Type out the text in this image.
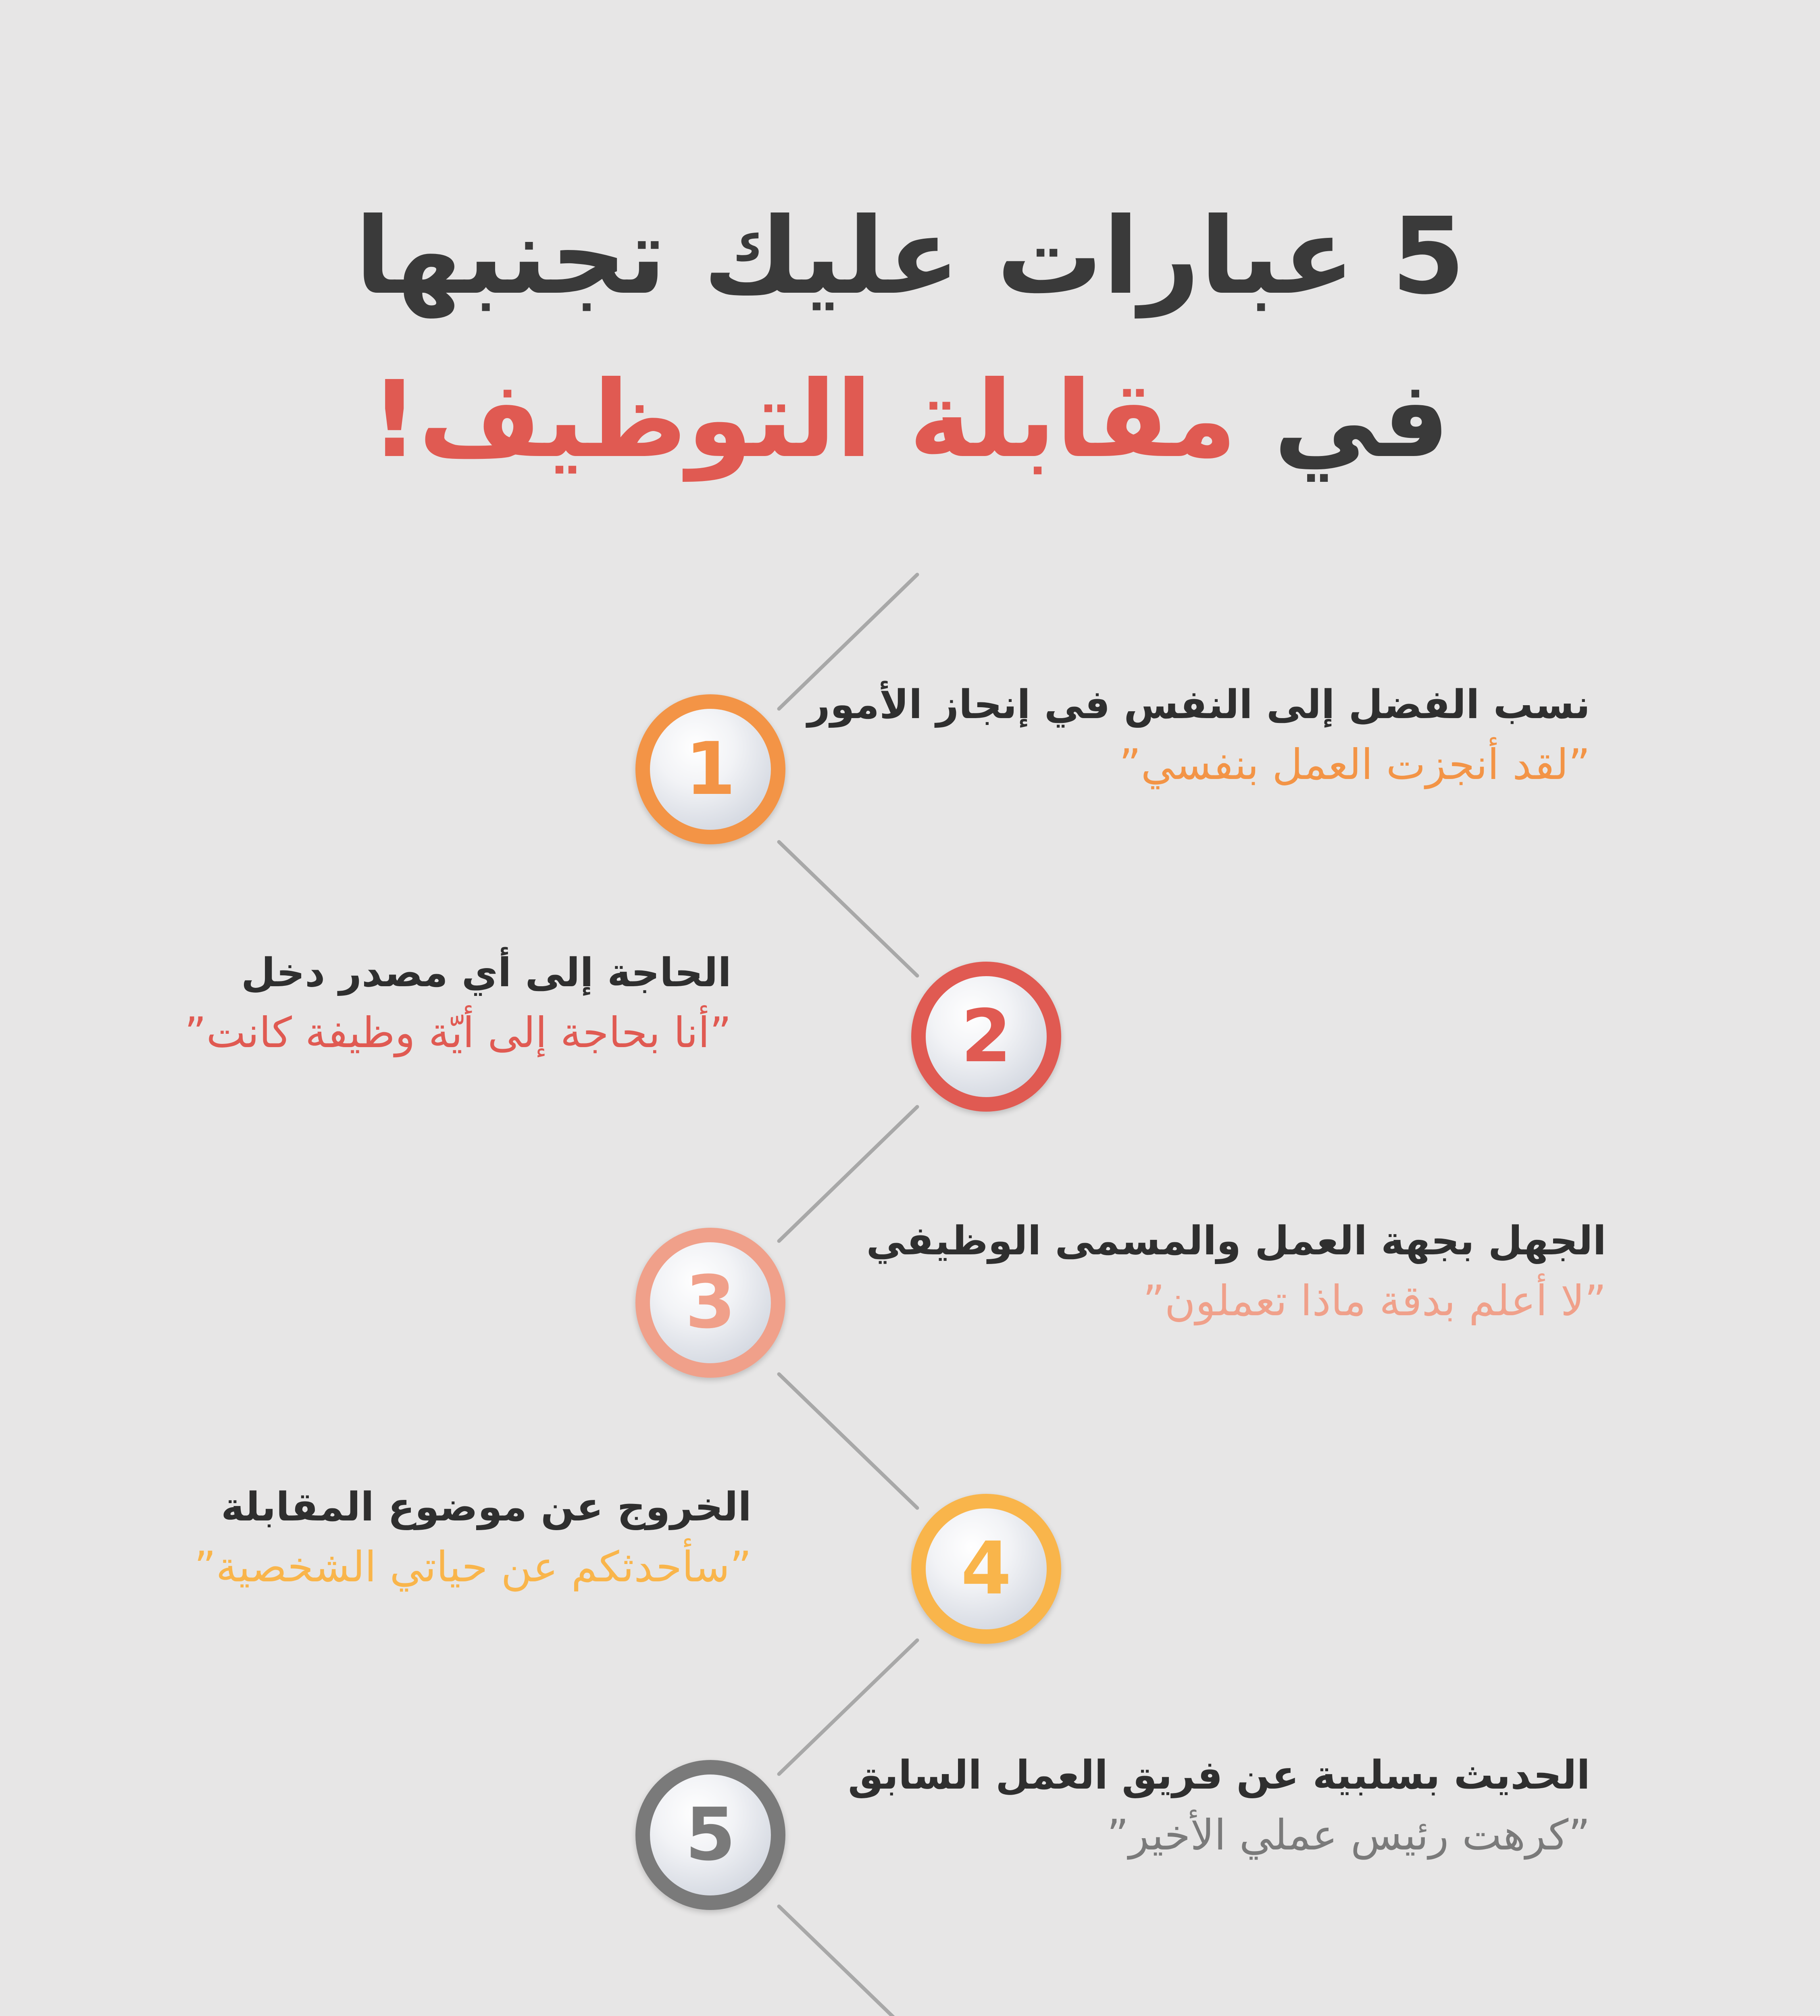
5 عبارات عليك تجنبها
في مقابلة التوظيف!
1
نسب الفضل إلى النفس في إنجاز الأمور
”لقد أنجزت العمل بنفسي”
2
الحاجة إلى أي مصدر دخل
”أنا بحاجة إلى أيّة وظيفة كانت”
3
الجهل بجهة العمل والمسمى الوظيفي
”لا أعلم بدقة ماذا تعملون”
4
الخروج عن موضوع المقابلة
”سأحدثكم عن حياتي الشخصية”
5
الحديث بسلبية عن فريق العمل السابق
”كرهت رئيس عملي الأخير”
